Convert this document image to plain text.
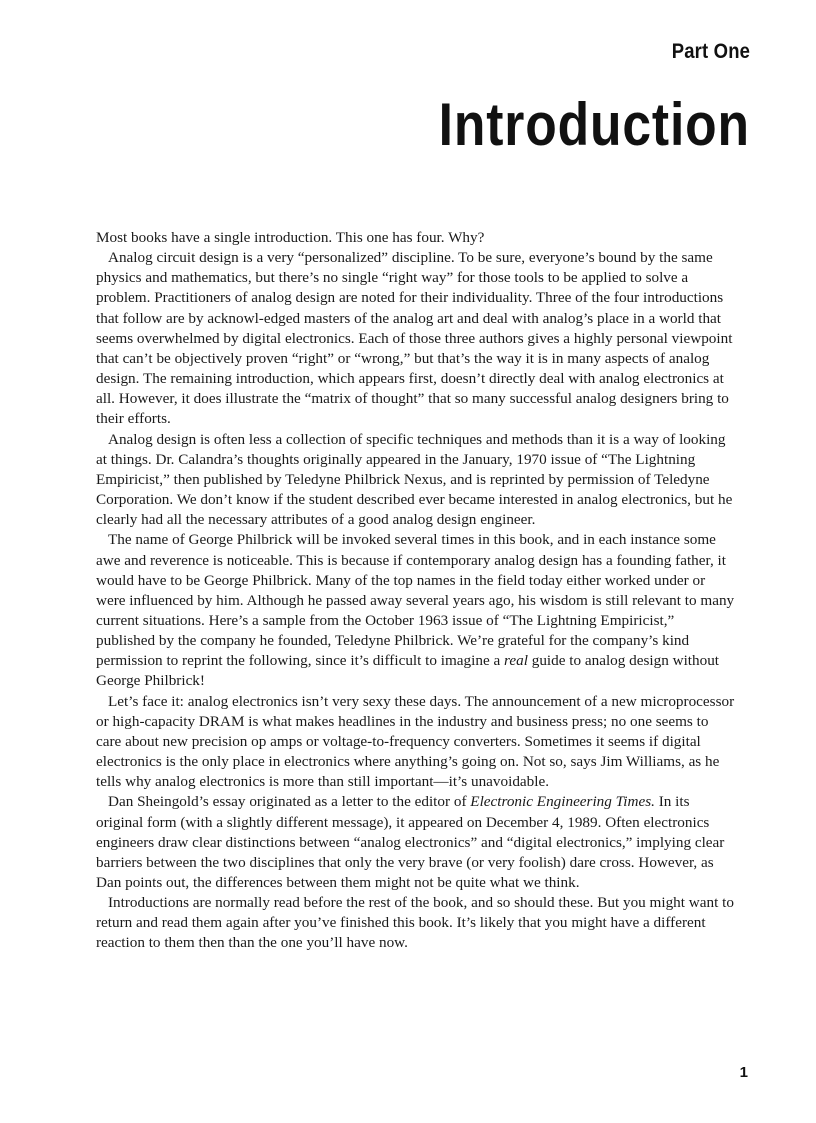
Part One
Introduction

Most books have a single introduction. This one has four. Why?

Analog circuit design is a very “personalized” discipline. To be sure, everyone’s bound by the same physics and mathematics, but there’s no single “right way” for those tools to be applied to solve a problem. Practitioners of analog design are noted for their individuality. Three of the four introductions that follow are by acknowl-edged masters of the analog art and deal with analog’s place in a world that seems overwhelmed by digital electronics. Each of those three authors gives a highly personal viewpoint that can’t be objectively proven “right” or “wrong,” but that’s the way it is in many aspects of analog design. The remaining introduction, which appears first, doesn’t directly deal with analog electronics at all. However, it does illustrate the “matrix of thought” that so many successful analog designers bring to their efforts.

Analog design is often less a collection of specific techniques and methods than it is a way of looking at things. Dr. Calandra’s thoughts originally appeared in the January, 1970 issue of “The Lightning Empiricist,” then published by Teledyne Philbrick Nexus, and is reprinted by permission of Teledyne Corporation. We don’t know if the student described ever became interested in analog electronics, but he clearly had all the necessary attributes of a good analog design engineer.

The name of George Philbrick will be invoked several times in this book, and in each instance some awe and reverence is noticeable. This is because if contemporary analog design has a founding father, it would have to be George Philbrick. Many of the top names in the field today either worked under or were influenced by him. Although he passed away several years ago, his wisdom is still relevant to many current situations. Here’s a sample from the October 1963 issue of “The Lightning Empiricist,” published by the company he founded, Teledyne Philbrick. We’re grateful for the company’s kind permission to reprint the following, since it’s difficult to imagine a real guide to analog design without George Philbrick!

Let’s face it: analog electronics isn’t very sexy these days. The announcement of a new microprocessor or high-capacity DRAM is what makes headlines in the industry and business press; no one seems to care about new precision op amps or voltage-to-frequency converters. Sometimes it seems if digital electronics is the only place in electronics where anything’s going on. Not so, says Jim Williams, as he tells why analog electronics is more than still important—it’s unavoidable.

Dan Sheingold’s essay originated as a letter to the editor of Electronic Engineering Times. In its original form (with a slightly different message), it appeared on December 4, 1989. Often electronics engineers draw clear distinctions between “analog electronics” and “digital electronics,” implying clear barriers between the two disciplines that only the very brave (or very foolish) dare cross. However, as Dan points out, the differences between them might not be quite what we think.

Introductions are normally read before the rest of the book, and so should these. But you might want to return and read them again after you’ve finished this book. It’s likely that you might have a different reaction to them then than the one you’ll have now.

1
